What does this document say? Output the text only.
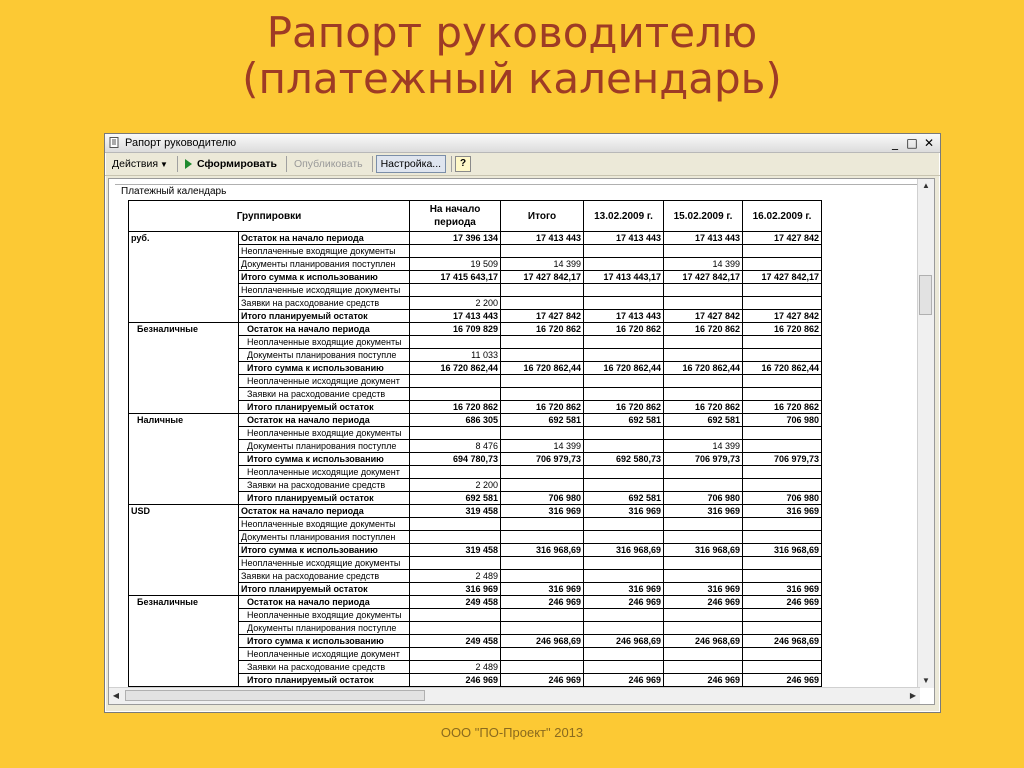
Рапорт руководителю
(платежный календарь)
Рапорт руководителю	_ □ ✕
Действия ▼	Сформировать	Опубликовать	Настройка...	?
Платежный календарь
Группировки		На начало периода	Итого	13.02.2009 г.	15.02.2009 г.	16.02.2009 г.
руб.	Остаток на начало периода	17 396 134	17 413 443	17 413 443	17 413 443	17 427 842
	Неоплаченные входящие документы					
	Документы планирования поступлен	19 509	14 399		14 399	
	Итого сумма к использованию	17 415 643,17	17 427 842,17	17 413 443,17	17 427 842,17	17 427 842,17
	Неоплаченные исходящие документы					
	Заявки на расходование средств	2 200				
	Итого планируемый остаток	17 413 443	17 427 842	17 413 443	17 427 842	17 427 842
Безналичные	Остаток на начало периода	16 709 829	16 720 862	16 720 862	16 720 862	16 720 862
	Неоплаченные входящие документы					
	Документы планирования поступле	11 033				
	Итого сумма к использованию	16 720 862,44	16 720 862,44	16 720 862,44	16 720 862,44	16 720 862,44
	Неоплаченные исходящие документ					
	Заявки на расходование средств					
	Итого планируемый остаток	16 720 862	16 720 862	16 720 862	16 720 862	16 720 862
Наличные	Остаток на начало периода	686 305	692 581	692 581	692 581	706 980
	Неоплаченные входящие документы					
	Документы планирования поступле	8 476	14 399		14 399	
	Итого сумма к использованию	694 780,73	706 979,73	692 580,73	706 979,73	706 979,73
	Неоплаченные исходящие документ					
	Заявки на расходование средств	2 200				
	Итого планируемый остаток	692 581	706 980	692 581	706 980	706 980
USD	Остаток на начало периода	319 458	316 969	316 969	316 969	316 969
	Неоплаченные входящие документы					
	Документы планирования поступлен					
	Итого сумма к использованию	319 458	316 968,69	316 968,69	316 968,69	316 968,69
	Неоплаченные исходящие документы					
	Заявки на расходование средств	2 489				
	Итого планируемый остаток	316 969	316 969	316 969	316 969	316 969
Безналичные	Остаток на начало периода	249 458	246 969	246 969	246 969	246 969
	Неоплаченные входящие документы					
	Документы планирования поступле					
	Итого сумма к использованию	249 458	246 968,69	246 968,69	246 968,69	246 968,69
	Неоплаченные исходящие документ					
	Заявки на расходование средств	2 489				
	Итого планируемый остаток	246 969	246 969	246 969	246 969	246 969
▲
▼
◀	▶
ООО "ПО-Проект" 2013
